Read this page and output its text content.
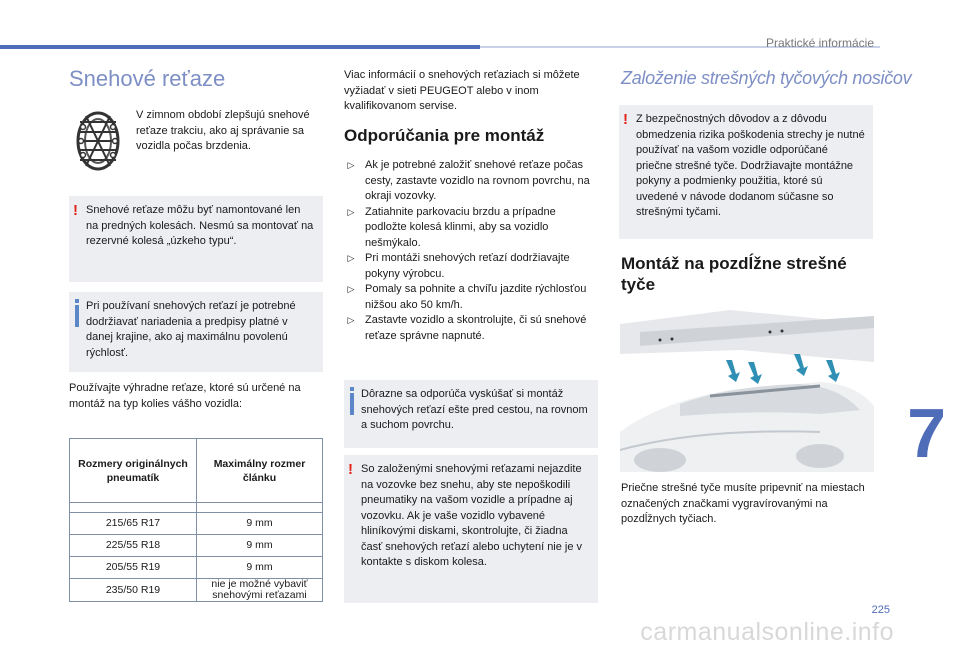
Praktické informácie
7
Snehové reťaze
V zimnom období zlepšujú snehové reťaze trakciu, ako aj správanie sa vozidla počas brzdenia.
! Snehové reťaze môžu byť namontované len na predných kolesách. Nesmú sa montovať na rezervné kolesá „úzkeho typu“.
Pri používaní snehových reťazí je potrebné dodržiavať nariadenia a predpisy platné v danej krajine, ako aj maximálnu povolenú rýchlosť.
Používajte výhradne reťaze, ktoré sú určené na montáž na typ kolies vášho vozidla:
Rozmery originálnych pneumatík	Maximálny rozmer článku

215/65 R17	9 mm
225/55 R18	9 mm
205/55 R19	9 mm
235/50 R19	nie je možné vybaviť snehovými reťazami
Viac informácií o snehových reťaziach si môžete vyžiadať v sieti PEUGEOT alebo v inom kvalifikovanom servise.
Odporúčania pre montáž
▷ Ak je potrebné založiť snehové reťaze počas cesty, zastavte vozidlo na rovnom povrchu, na okraji vozovky.
▷ Zatiahnite parkovaciu brzdu a prípadne podložte kolesá klinmi, aby sa vozidlo nešmýkalo.
▷ Pri montáži snehových reťazí dodržiavajte pokyny výrobcu.
▷ Pomaly sa pohnite a chvíľu jazdite rýchlosťou nižšou ako 50 km/h.
▷ Zastavte vozidlo a skontrolujte, či sú snehové reťaze správne napnuté.
Dôrazne sa odporúča vyskúšať si montáž snehových reťazí ešte pred cestou, na rovnom a suchom povrchu.
! So založenými snehovými reťazami nejazdite na vozovke bez snehu, aby ste nepoškodili pneumatiky na vašom vozidle a prípadne aj vozovku. Ak je vaše vozidlo vybavené hliníkovými diskami, skontrolujte, či žiadna časť snehových reťazí alebo uchytení nie je v kontakte s diskom kolesa.
Založenie strešných tyčových nosičov
! Z bezpečnostných dôvodov a z dôvodu obmedzenia rizika poškodenia strechy je nutné používať na vašom vozidle odporúčané priečne strešné tyče. Dodržiavajte montážne pokyny a podmienky použitia, ktoré sú uvedené v návode dodanom súčasne so strešnými tyčami.
Montáž na pozdĺžne strešné tyče
Priečne strešné tyče musíte pripevniť na miestach označených značkami vygravírovanými na pozdĺžnych tyčiach.
225
carmanualsonline.info
